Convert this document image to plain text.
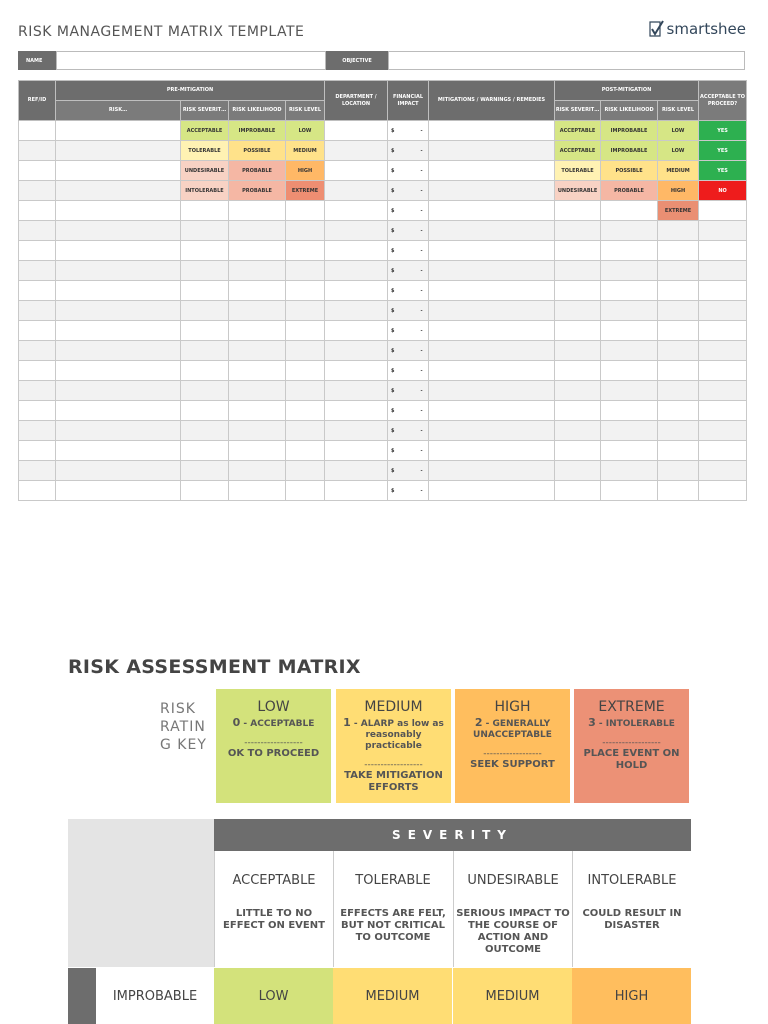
RISK MANAGEMENT MATRIX TEMPLATE	smartshee
NAME	OBJECTIVE
REF/ID	PRE-MITIGATION				DEPARTMENT / LOCATION	FINANCIAL IMPACT	MITIGATIONS / WARNINGS / REMEDIES	POST-MITIGATION			ACCEPTABLE TO PROCEED?
	RISK…	RISK SEVERIT…	RISK LIKELIHOOD	RISK LEVEL				RISK SEVERIT…	RISK LIKELIHOOD	RISK LEVEL	
		ACCEPTABLE	IMPROBABLE	LOW		$ -		ACCEPTABLE	IMPROBABLE	LOW	YES
		TOLERABLE	POSSIBLE	MEDIUM		$ -		ACCEPTABLE	IMPROBABLE	LOW	YES
		UNDESIRABLE	PROBABLE	HIGH		$ -		TOLERABLE	POSSIBLE	MEDIUM	YES
		INTOLERABLE	PROBABLE	EXTREME		$ -		UNDESIRABLE	PROBABLE	HIGH	NO
						$ -				EXTREME	
						$ -					
						$ -					
						$ -					
						$ -					
						$ -					
						$ -					
						$ -					
						$ -					
						$ -					
						$ -					
						$ -					
						$ -					
						$ -					
						$ -					
RISK ASSESSMENT MATRIX
RISK RATING KEY
LOW
0 - ACCEPTABLE
------------------
OK TO PROCEED
MEDIUM
1 - ALARP as low as reasonably practicable
------------------
TAKE MITIGATION EFFORTS
HIGH
2 - GENERALLY UNACCEPTABLE
------------------
SEEK SUPPORT
EXTREME
3 - INTOLERABLE
------------------
PLACE EVENT ON HOLD
SEVERITY
ACCEPTABLE
LITTLE TO NO EFFECT ON EVENT
TOLERABLE
EFFECTS ARE FELT, BUT NOT CRITICAL TO OUTCOME
UNDESIRABLE
SERIOUS IMPACT TO THE COURSE OF ACTION AND OUTCOME
INTOLERABLE
COULD RESULT IN DISASTER
IMPROBABLE	LOW	MEDIUM	MEDIUM	HIGH
